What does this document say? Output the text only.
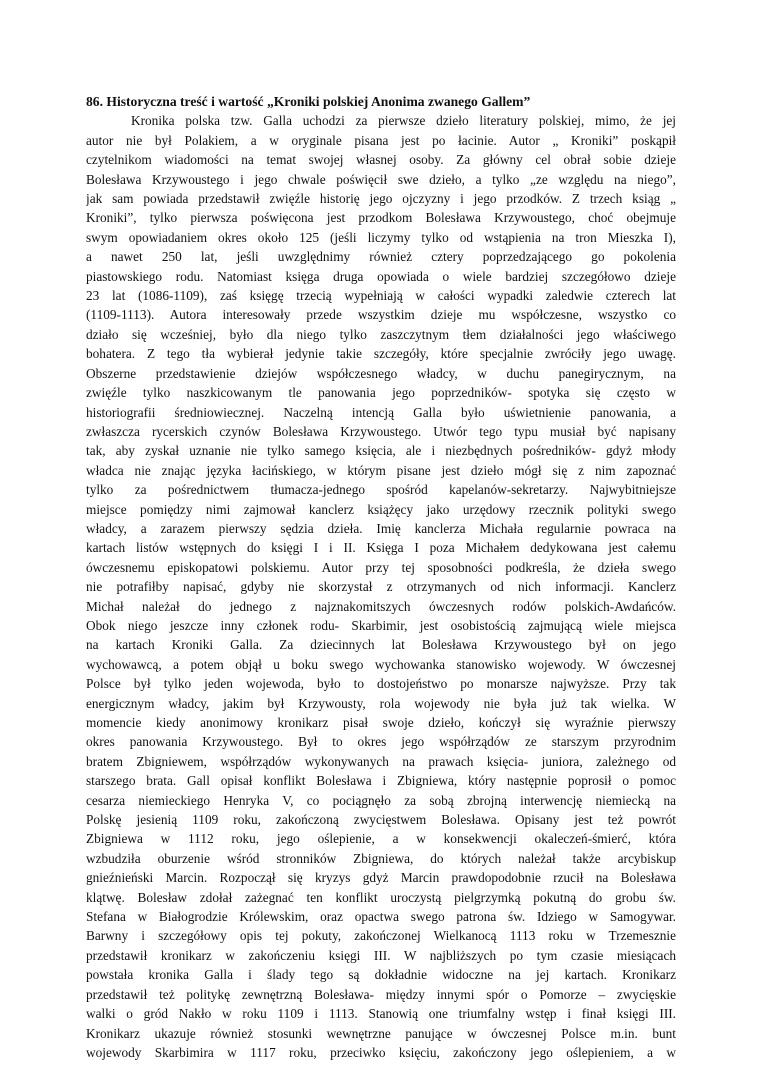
86. Historyczna treść i wartość „Kroniki polskiej Anonima zwanego Gallem”
Kronika polska tzw. Galla uchodzi za pierwsze dzieło literatury polskiej, mimo, że jej
autor nie był Polakiem, a w oryginale pisana jest po łacinie. Autor „ Kroniki” poskąpił
czytelnikom wiadomości na temat swojej własnej osoby. Za główny cel obrał sobie dzieje
Bolesława Krzywoustego i jego chwale poświęcił swe dzieło, a tylko „ze względu na niego”,
jak sam powiada przedstawił zwięźle historię jego ojczyzny i jego przodków. Z trzech ksiąg „
Kroniki”, tylko pierwsza poświęcona jest przodkom Bolesława Krzywoustego, choć obejmuje
swym opowiadaniem okres około 125 (jeśli liczymy tylko od wstąpienia na tron Mieszka I),
a nawet 250 lat, jeśli uwzględnimy również cztery poprzedzającego go pokolenia
piastowskiego rodu. Natomiast księga druga opowiada o wiele bardziej szczegółowo dzieje
23 lat (1086-1109), zaś księgę trzecią wypełniają w całości wypadki zaledwie czterech lat
(1109-1113). Autora interesowały przede wszystkim dzieje mu współczesne, wszystko co
działo się wcześniej, było dla niego tylko zaszczytnym tłem działalności jego właściwego
bohatera. Z tego tła wybierał jedynie takie szczegóły, które specjalnie zwróciły jego uwagę.
Obszerne przedstawienie dziejów współczesnego władcy, w duchu panegirycznym, na
zwięźle tylko naszkicowanym tle panowania jego poprzedników- spotyka się często w
historiografii średniowiecznej. Naczelną intencją Galla było uświetnienie panowania, a
zwłaszcza rycerskich czynów Bolesława Krzywoustego. Utwór tego typu musiał być napisany
tak, aby zyskał uznanie nie tylko samego księcia, ale i niezbędnych pośredników- gdyż młody
władca nie znając języka łacińskiego, w którym pisane jest dzieło mógł się z nim zapoznać
tylko za pośrednictwem tłumacza-jednego spośród kapelanów-sekretarzy. Najwybitniejsze
miejsce pomiędzy nimi zajmował kanclerz książęcy jako urzędowy rzecznik polityki swego
władcy, a zarazem pierwszy sędzia dzieła. Imię kanclerza Michała regularnie powraca na
kartach listów wstępnych do księgi I i II. Księga I poza Michałem dedykowana jest całemu
ówczesnemu episkopatowi polskiemu. Autor przy tej sposobności podkreśla, że dzieła swego
nie potrafiłby napisać, gdyby nie skorzystał z otrzymanych od nich informacji. Kanclerz
Michał należał do jednego z najznakomitszych ówczesnych rodów polskich-Awdańców.
Obok niego jeszcze inny członek rodu- Skarbimir, jest osobistością zajmującą wiele miejsca
na kartach Kroniki Galla. Za dziecinnych lat Bolesława Krzywoustego był on jego
wychowawcą, a potem objął u boku swego wychowanka stanowisko wojewody. W ówczesnej
Polsce był tylko jeden wojewoda, było to dostojeństwo po monarsze najwyższe. Przy tak
energicznym władcy, jakim był Krzywousty, rola wojewody nie była już tak wielka. W
momencie kiedy anonimowy kronikarz pisał swoje dzieło, kończył się wyraźnie pierwszy
okres panowania Krzywoustego. Był to okres jego współrządów ze starszym przyrodnim
bratem Zbigniewem, współrządów wykonywanych na prawach księcia- juniora, zależnego od
starszego brata. Gall opisał konflikt Bolesława i Zbigniewa, który następnie poprosił o pomoc
cesarza niemieckiego Henryka V, co pociągnęło za sobą zbrojną interwencję niemiecką na
Polskę jesienią 1109 roku, zakończoną zwycięstwem Bolesława. Opisany jest też powrót
Zbigniewa w 1112 roku, jego oślepienie, a w konsekwencji okaleczeń-śmierć, która
wzbudziła oburzenie wśród stronników Zbigniewa, do których należał także arcybiskup
gnieźnieński Marcin. Rozpoczął się kryzys gdyż Marcin prawdopodobnie rzucił na Bolesława
klątwę. Bolesław zdołał zażegnać ten konflikt uroczystą pielgrzymką pokutną do grobu św.
Stefana w Białogrodzie Królewskim, oraz opactwa swego patrona św. Idziego w Samogywar.
Barwny i szczegółowy opis tej pokuty, zakończonej Wielkanocą 1113 roku w Trzemesznie
przedstawił kronikarz w zakończeniu księgi III. W najbliższych po tym czasie miesiącach
powstała kronika Galla i ślady tego są dokładnie widoczne na jej kartach. Kronikarz
przedstawił też politykę zewnętrzną Bolesława- między innymi spór o Pomorze – zwycięskie
walki o gród Nakło w roku 1109 i 1113. Stanowią one triumfalny wstęp i finał księgi III.
Kronikarz ukazuje również stosunki wewnętrzne panujące w ówczesnej Polsce m.in. bunt
wojewody Skarbimira w 1117 roku, przeciwko księciu, zakończony jego oślepieniem, a w
